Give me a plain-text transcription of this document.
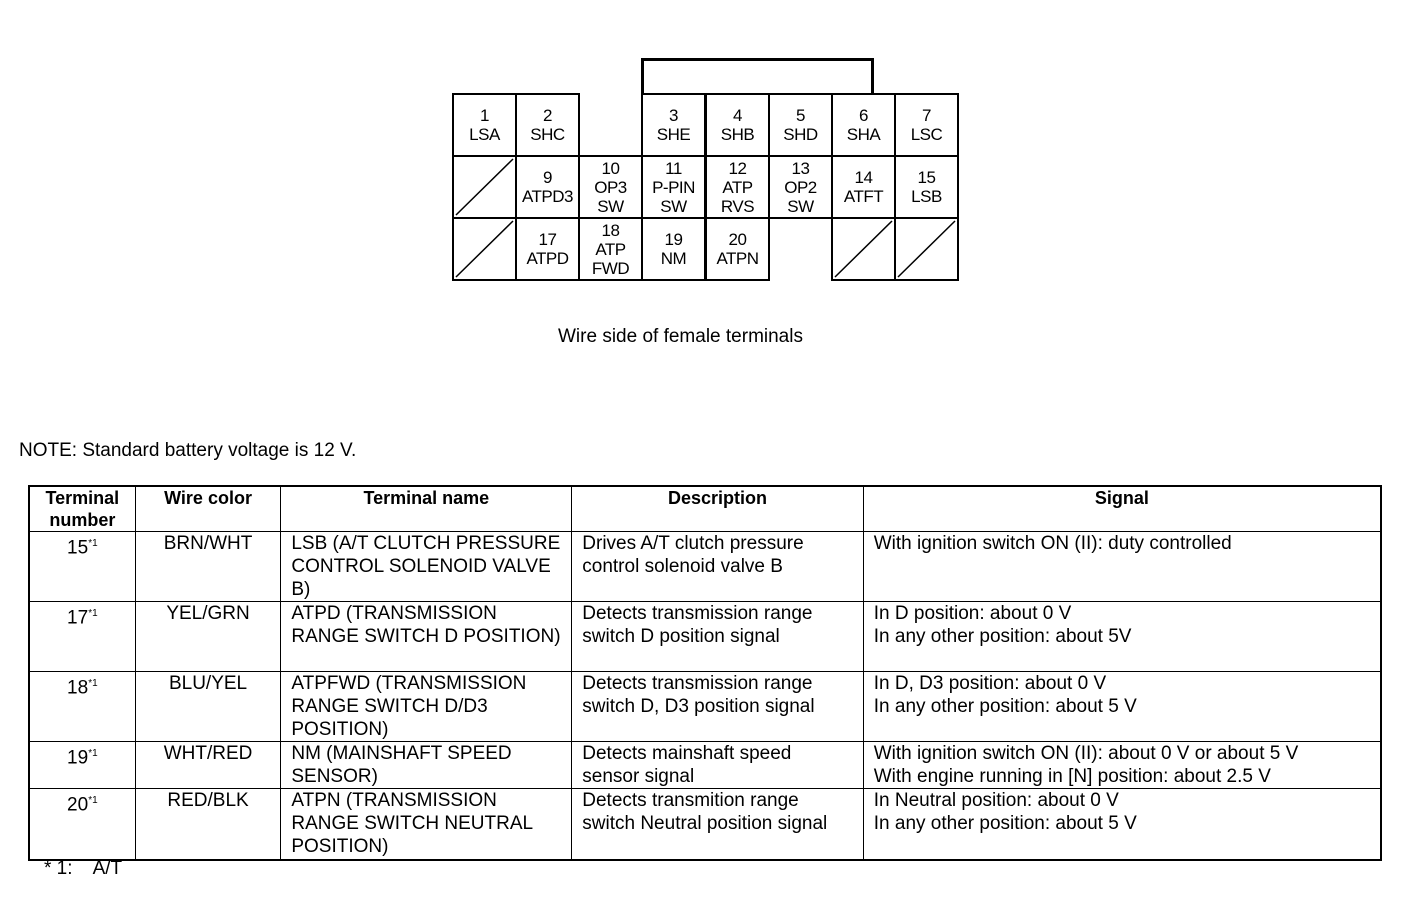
1
LSA
2
SHC
3
SHE
4
SHB
5
SHD
6
SHA
7
LSC
9
ATPD3
10
OP3
SW
11
P-PIN
SW
12
ATP
RVS
13
OP2
SW
14
ATFT
15
LSB
17
ATPD
18
ATP
FWD
19
NM
20
ATPN
Wire side of female terminals
NOTE: Standard battery voltage is 12 V.
Terminal number	Wire color	Terminal name	Description	Signal
15$^{*1}$	BRN/WHT	LSB (A/T CLUTCH PRESSURE CONTROL SOLENOID VALVE B)	Drives A/T clutch pressure control solenoid valve B	With ignition switch ON (II): duty controlled

17$^{*1}$	YEL/GRN	ATPD (TRANSMISSION RANGE SWITCH D POSITION)	Detects transmission range switch D position signal	In D position: about 0 V
In any other position: about 5V

18$^{*1}$	BLU/YEL	ATPFWD (TRANSMISSION RANGE SWITCH D/D3 POSITION)	Detects transmission range switch D, D3 position signal	In D, D3 position: about 0 V
In any other position: about 5 V

19$^{*1}$	WHT/RED	NM (MAINSHAFT SPEED SENSOR)	Detects mainshaft speed sensor signal	With ignition switch ON (II): about 0 V or about 5 V
With engine running in [N] position: about 2.5 V

20$^{*1}$	RED/BLK	ATPN (TRANSMISSION RANGE SWITCH NEUTRAL POSITION)	Detects transmition range switch Neutral position signal	In Neutral position: about 0 V
In any other position: about 5 V
* 1:    A/T
